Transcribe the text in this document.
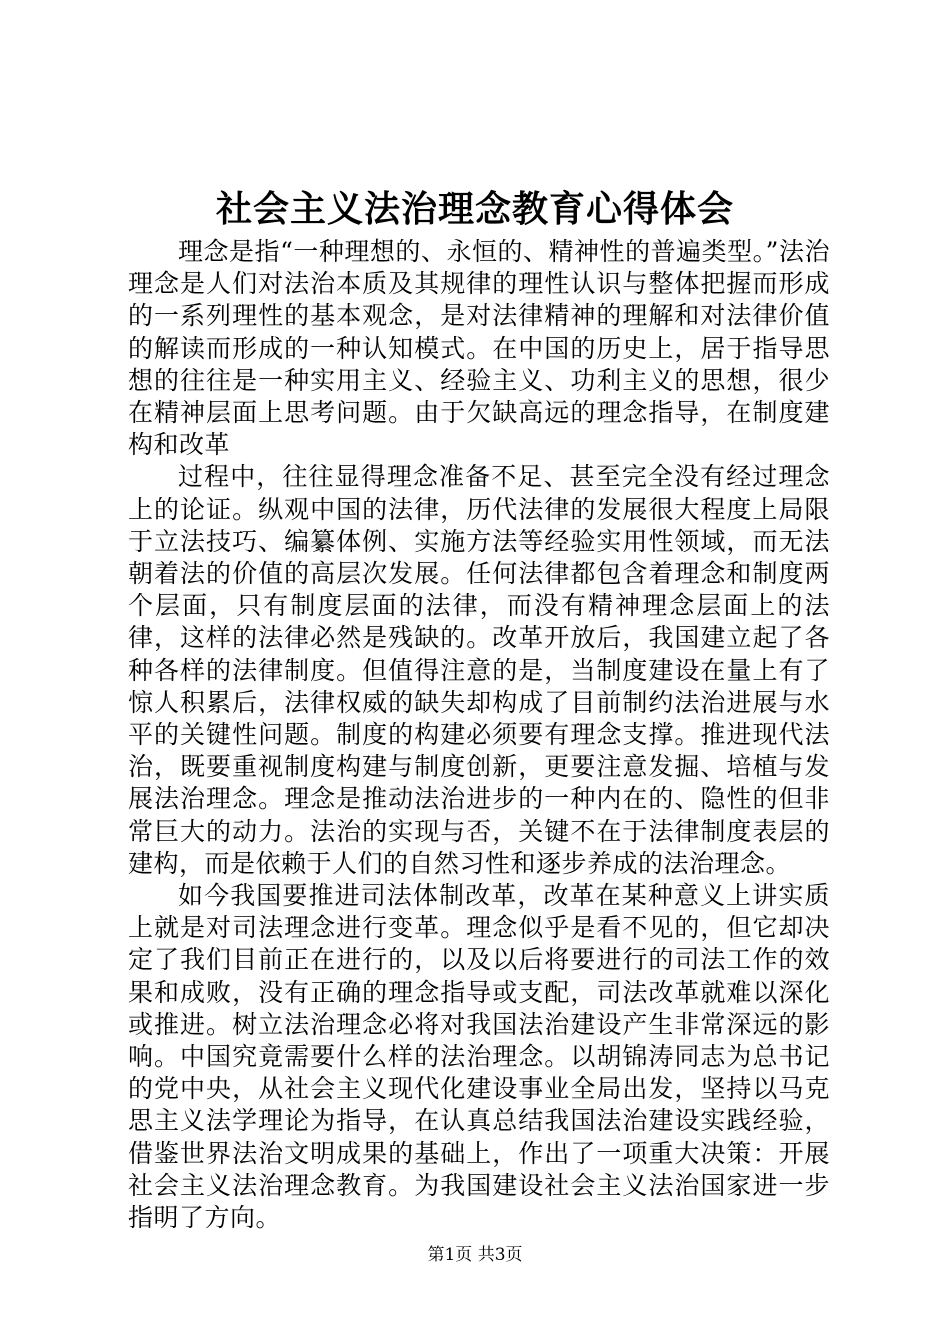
社会主义法治理念教育心得体会

理念是指“一种理想的、永恒的、精神性的普遍类型。”法治理念是人们对法治本质及其规律的理性认识与整体把握而形成的一系列理性的基本观念，是对法律精神的理解和对法律价值的解读而形成的一种认知模式。在中国的历史上，居于指导思想的往往是一种实用主义、经验主义、功利主义的思想，很少在精神层面上思考问题。由于欠缺高远的理念指导，在制度建构和改革

过程中，往往显得理念准备不足、甚至完全没有经过理念上的论证。纵观中国的法律，历代法律的发展很大程度上局限于立法技巧、编纂体例、实施方法等经验实用性领域，而无法朝着法的价值的高层次发展。任何法律都包含着理念和制度两个层面，只有制度层面的法律，而没有精神理念层面上的法律，这样的法律必然是残缺的。改革开放后，我国建立起了各种各样的法律制度。但值得注意的是，当制度建设在量上有了惊人积累后，法律权威的缺失却构成了目前制约法治进展与水平的关键性问题。制度的构建必须要有理念支撑。推进现代法治，既要重视制度构建与制度创新，更要注意发掘、培植与发展法治理念。理念是推动法治进步的一种内在的、隐性的但非常巨大的动力。法治的实现与否，关键不在于法律制度表层的建构，而是依赖于人们的自然习性和逐步养成的法治理念。

如今我国要推进司法体制改革，改革在某种意义上讲实质上就是对司法理念进行变革。理念似乎是看不见的，但它却决定了我们目前正在进行的，以及以后将要进行的司法工作的效果和成败，没有正确的理念指导或支配，司法改革就难以深化或推进。树立法治理念必将对我国法治建设产生非常深远的影响。中国究竟需要什么样的法治理念。以胡锦涛同志为总书记的党中央，从社会主义现代化建设事业全局出发，坚持以马克思主义法学理论为指导，在认真总结我国法治建设实践经验，借鉴世界法治文明成果的基础上，作出了一项重大决策：开展社会主义法治理念教育。为我国建设社会主义法治国家进一步指明了方向。

第1页 共3页
